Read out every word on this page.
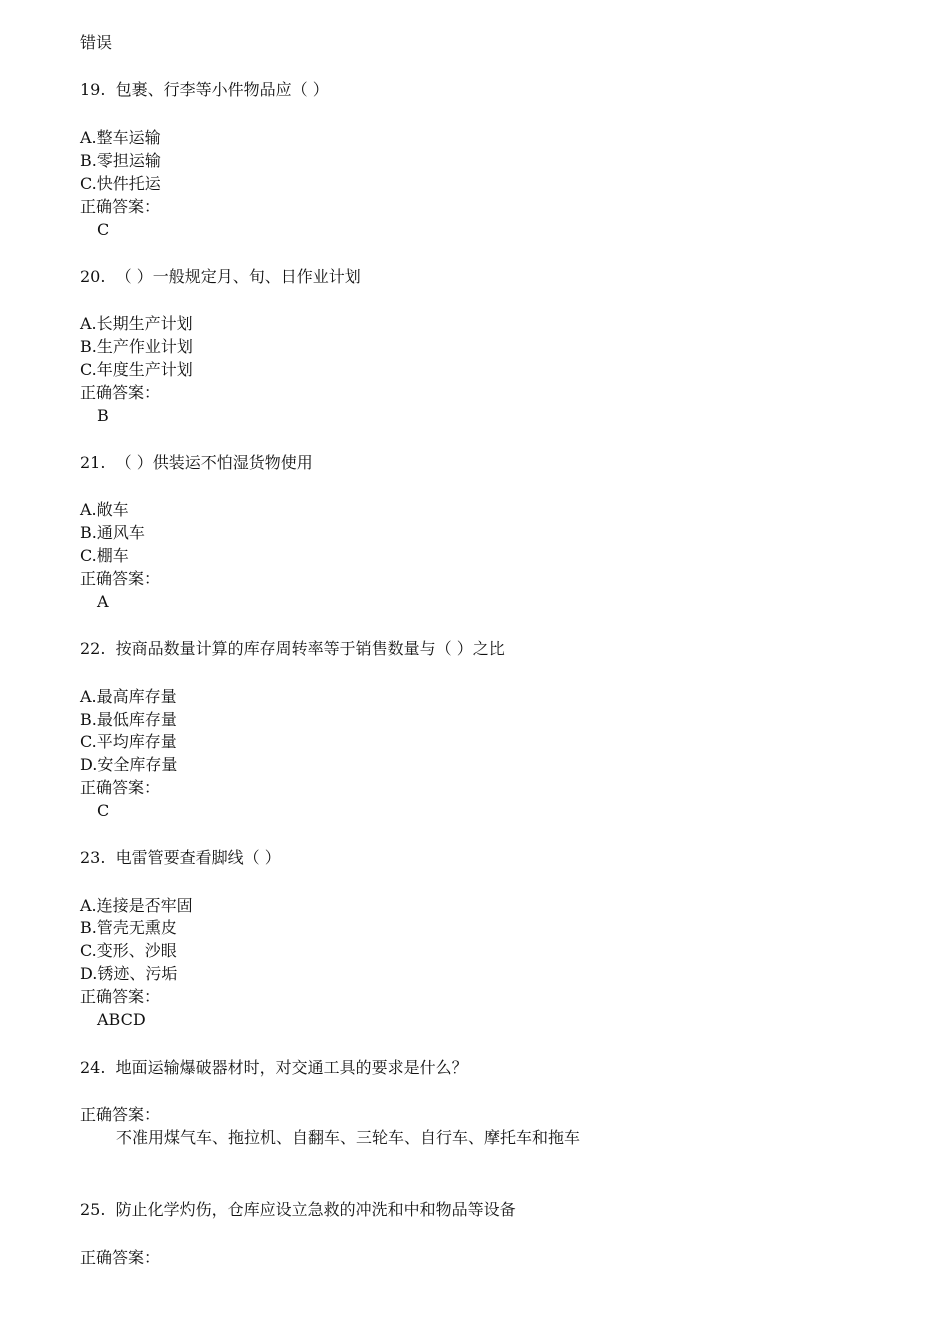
错误
19. 包裹、行李等小件物品应（ ）
A.整车运输
B.零担运输
C.快件托运
正确答案：
C
20. （ ）一般规定月、旬、日作业计划
A.长期生产计划
B.生产作业计划
C.年度生产计划
正确答案：
B
21. （ ）供装运不怕湿货物使用
A.敞车
B.通风车
C.棚车
正确答案：
A
22. 按商品数量计算的库存周转率等于销售数量与（ ）之比
A.最高库存量
B.最低库存量
C.平均库存量
D.安全库存量
正确答案：
C
23. 电雷管要查看脚线（ ）
A.连接是否牢固
B.管壳无熏皮
C.变形、沙眼
D.锈迹、污垢
正确答案：
ABCD
24. 地面运输爆破器材时，对交通工具的要求是什么？
正确答案：
不准用煤气车、拖拉机、自翻车、三轮车、自行车、摩托车和拖车
25. 防止化学灼伤，仓库应设立急救的冲洗和中和物品等设备
正确答案：
